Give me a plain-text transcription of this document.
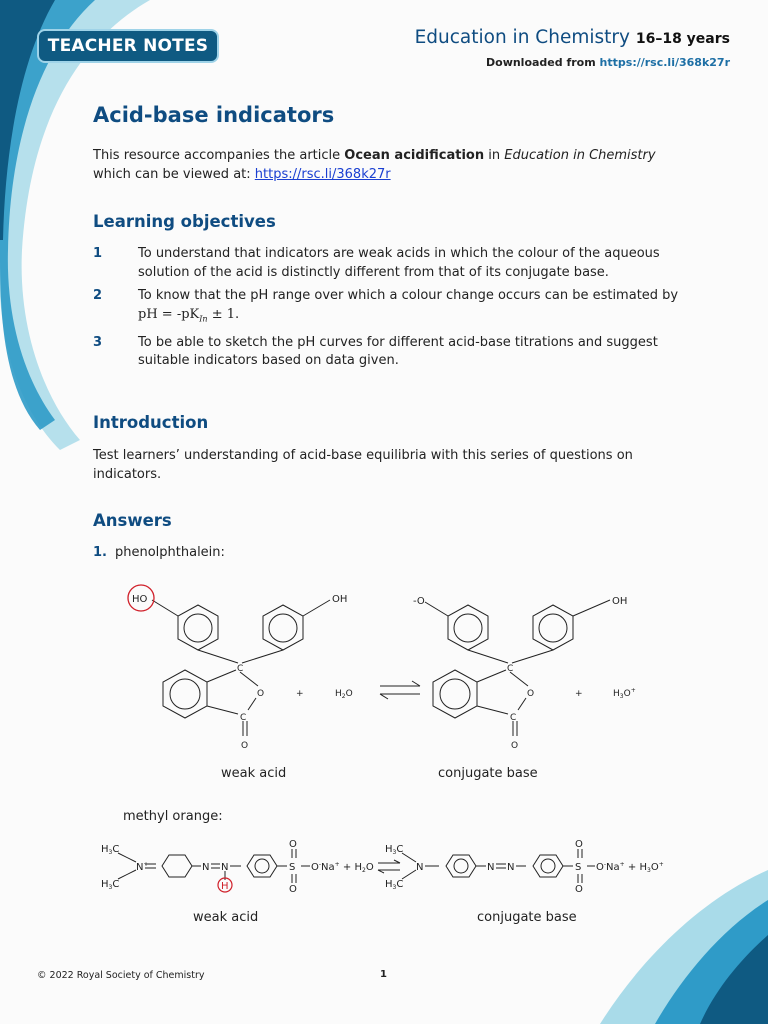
TEACHER NOTES	Education in Chemistry 16–18 years
Downloaded from https://rsc.li/368k27r
Acid-base indicators
This resource accompanies the article Ocean acidification in Education in Chemistry which can be viewed at: https://rsc.li/368k27r
Learning objectives
1	To understand that indicators are weak acids in which the colour of the aqueous solution of the acid is distinctly different from that of its conjugate base.
2	To know that the pH range over which a colour change occurs can be estimated by pH = $-pK_{In} \pm 1$.
3	To be able to sketch the pH curves for different acid-base titrations and suggest suitable indicators based on data given.
Introduction
Test learners’ understanding of acid-base equilibria with this series of questions on indicators.
Answers
1. phenolphthalein:
HO	OH
C
O
C
O
+	$H_2O$
-O	OH
C
O
C
O
+	$H_3O^+$
weak acid	conjugate base
methyl orange:
$H_3C$
$H_3C$
N+	N N
H
O
S
O
$O^-Na^+ + H_2O$
$H_3C$
$H_3C$
N	N N
O
S
O
$O^-Na^+ + H_3O^+$
weak acid	conjugate base
© 2022 Royal Society of Chemistry	1
